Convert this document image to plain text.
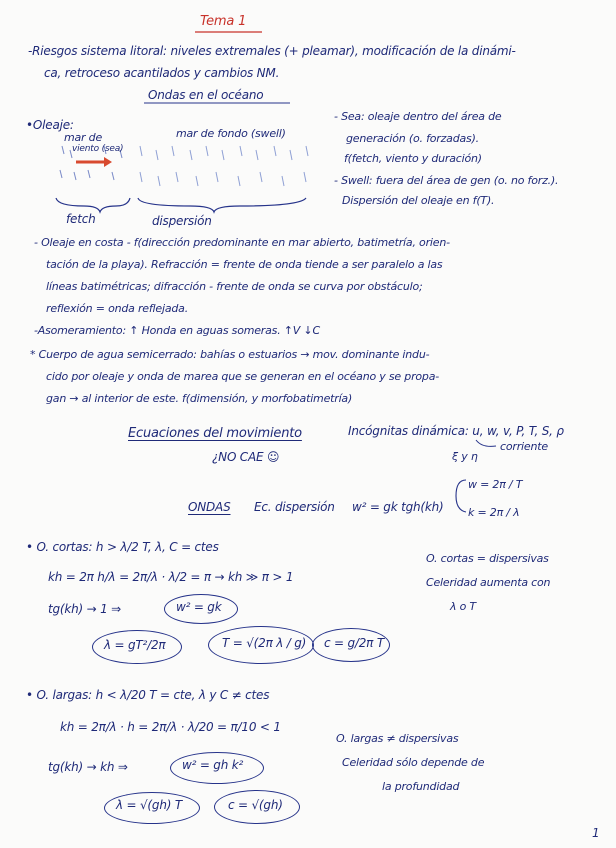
Tema 1
-Riesgos sistema litoral: niveles extremales (+ pleamar), modificación de la dinámi-
ca, retroceso acantilados y cambios NM.
Ondas en el océano
•Oleaje:
mar de
viento (sea)
mar de fondo (swell)
fetch	dispersión
- Sea: oleaje dentro del área de
generación (o. forzadas).
f(fetch, viento y duración)
- Swell: fuera del área de gen (o. no forz.).
Dispersión del oleaje en f(T).
- Oleaje en costa - f(dirección predominante en mar abierto, batimetría, orien-
tación de la playa). Refracción = frente de onda tiende a ser paralelo a las
líneas batimétricas; difracción - frente de onda se curva por obstáculo;
reflexión = onda reflejada.
-Asomeramiento: ↑ Honda en aguas someras. ↑V ↓C
* Cuerpo de agua semicerrado: bahías o estuarios → mov. dominante indu-
cido por oleaje y onda de marea que se generan en el océano y se propa-
gan → al interior de este. f(dimensión, y morfobatimetría)
Ecuaciones del movimiento	Incógnitas dinámica: u, w, v, P, T, S, ρ
corriente
ξ y η
¿NO CAE ☺
ONDAS Ec. dispersión w² = gk tgh(kh)
w = 2π / T
k = 2π / λ
• O. cortas: h > λ/2 T, λ, C = ctes
kh = 2π h/λ = 2π/λ · λ/2 = π → kh ≫ π > 1
tg(kh) → 1 ⇒	w² = gk
λ = gT²/2π	T = √(2π λ / g) c = g/2π T
O. cortas = dispersivas
Celeridad aumenta con
λ o T
• O. largas: h < λ/20 T = cte, λ y C ≠ ctes
kh = 2π/λ · h = 2π/λ · λ/20 = π/10 < 1
tg(kh) → kh ⇒	w² = gh k²
λ = √(gh) T	c = √(gh)
O. largas ≠ dispersivas
Celeridad sólo depende de
la profundidad
1
